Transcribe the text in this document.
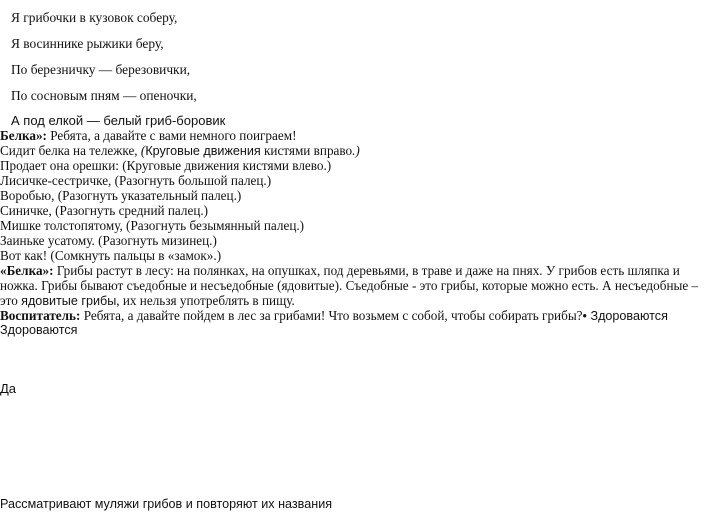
Я грибочки в кузовок соберу,
Я восиннике рыжики беру,
По березничку — березовички,
По сосновым пням — опеночки,
А под елкой — белый гриб-боровик
Белка»: Ребята, а давайте с вами немного поиграем!
Сидит белка на тележке, (Круговые движения кистями вправо.)
Продает она орешки: (Круговые движения кистями влево.)
Лисичке-сестричке, (Разогнуть большой палец.)
Воробью, (Разогнуть указательный палец.)
Синичке, (Разогнуть средний палец.)
Мишке толстопятому, (Разогнуть безымянный палец.)
Заиньке усатому. (Разогнуть мизинец.)
Вот как! (Сомкнуть пальцы в «замок».)
«Белка»: Грибы растут в лесу: на полянках, на опушках, под деревьями, в траве и даже на пнях. У грибов есть шляпка и
ножка. Грибы бывают съедобные и несъедобные (ядовитые). Съедобные - это грибы, которые можно есть. А несъедобные –
это ядовитые грибы, их нельзя употреблять в пищу.
Воспитатель: Ребята, а давайте пойдем в лес за грибами! Что возьмем с собой, чтобы собирать грибы?• Здороваются
Здороваются
Да
Рассматривают муляжи грибов и повторяют их названия
